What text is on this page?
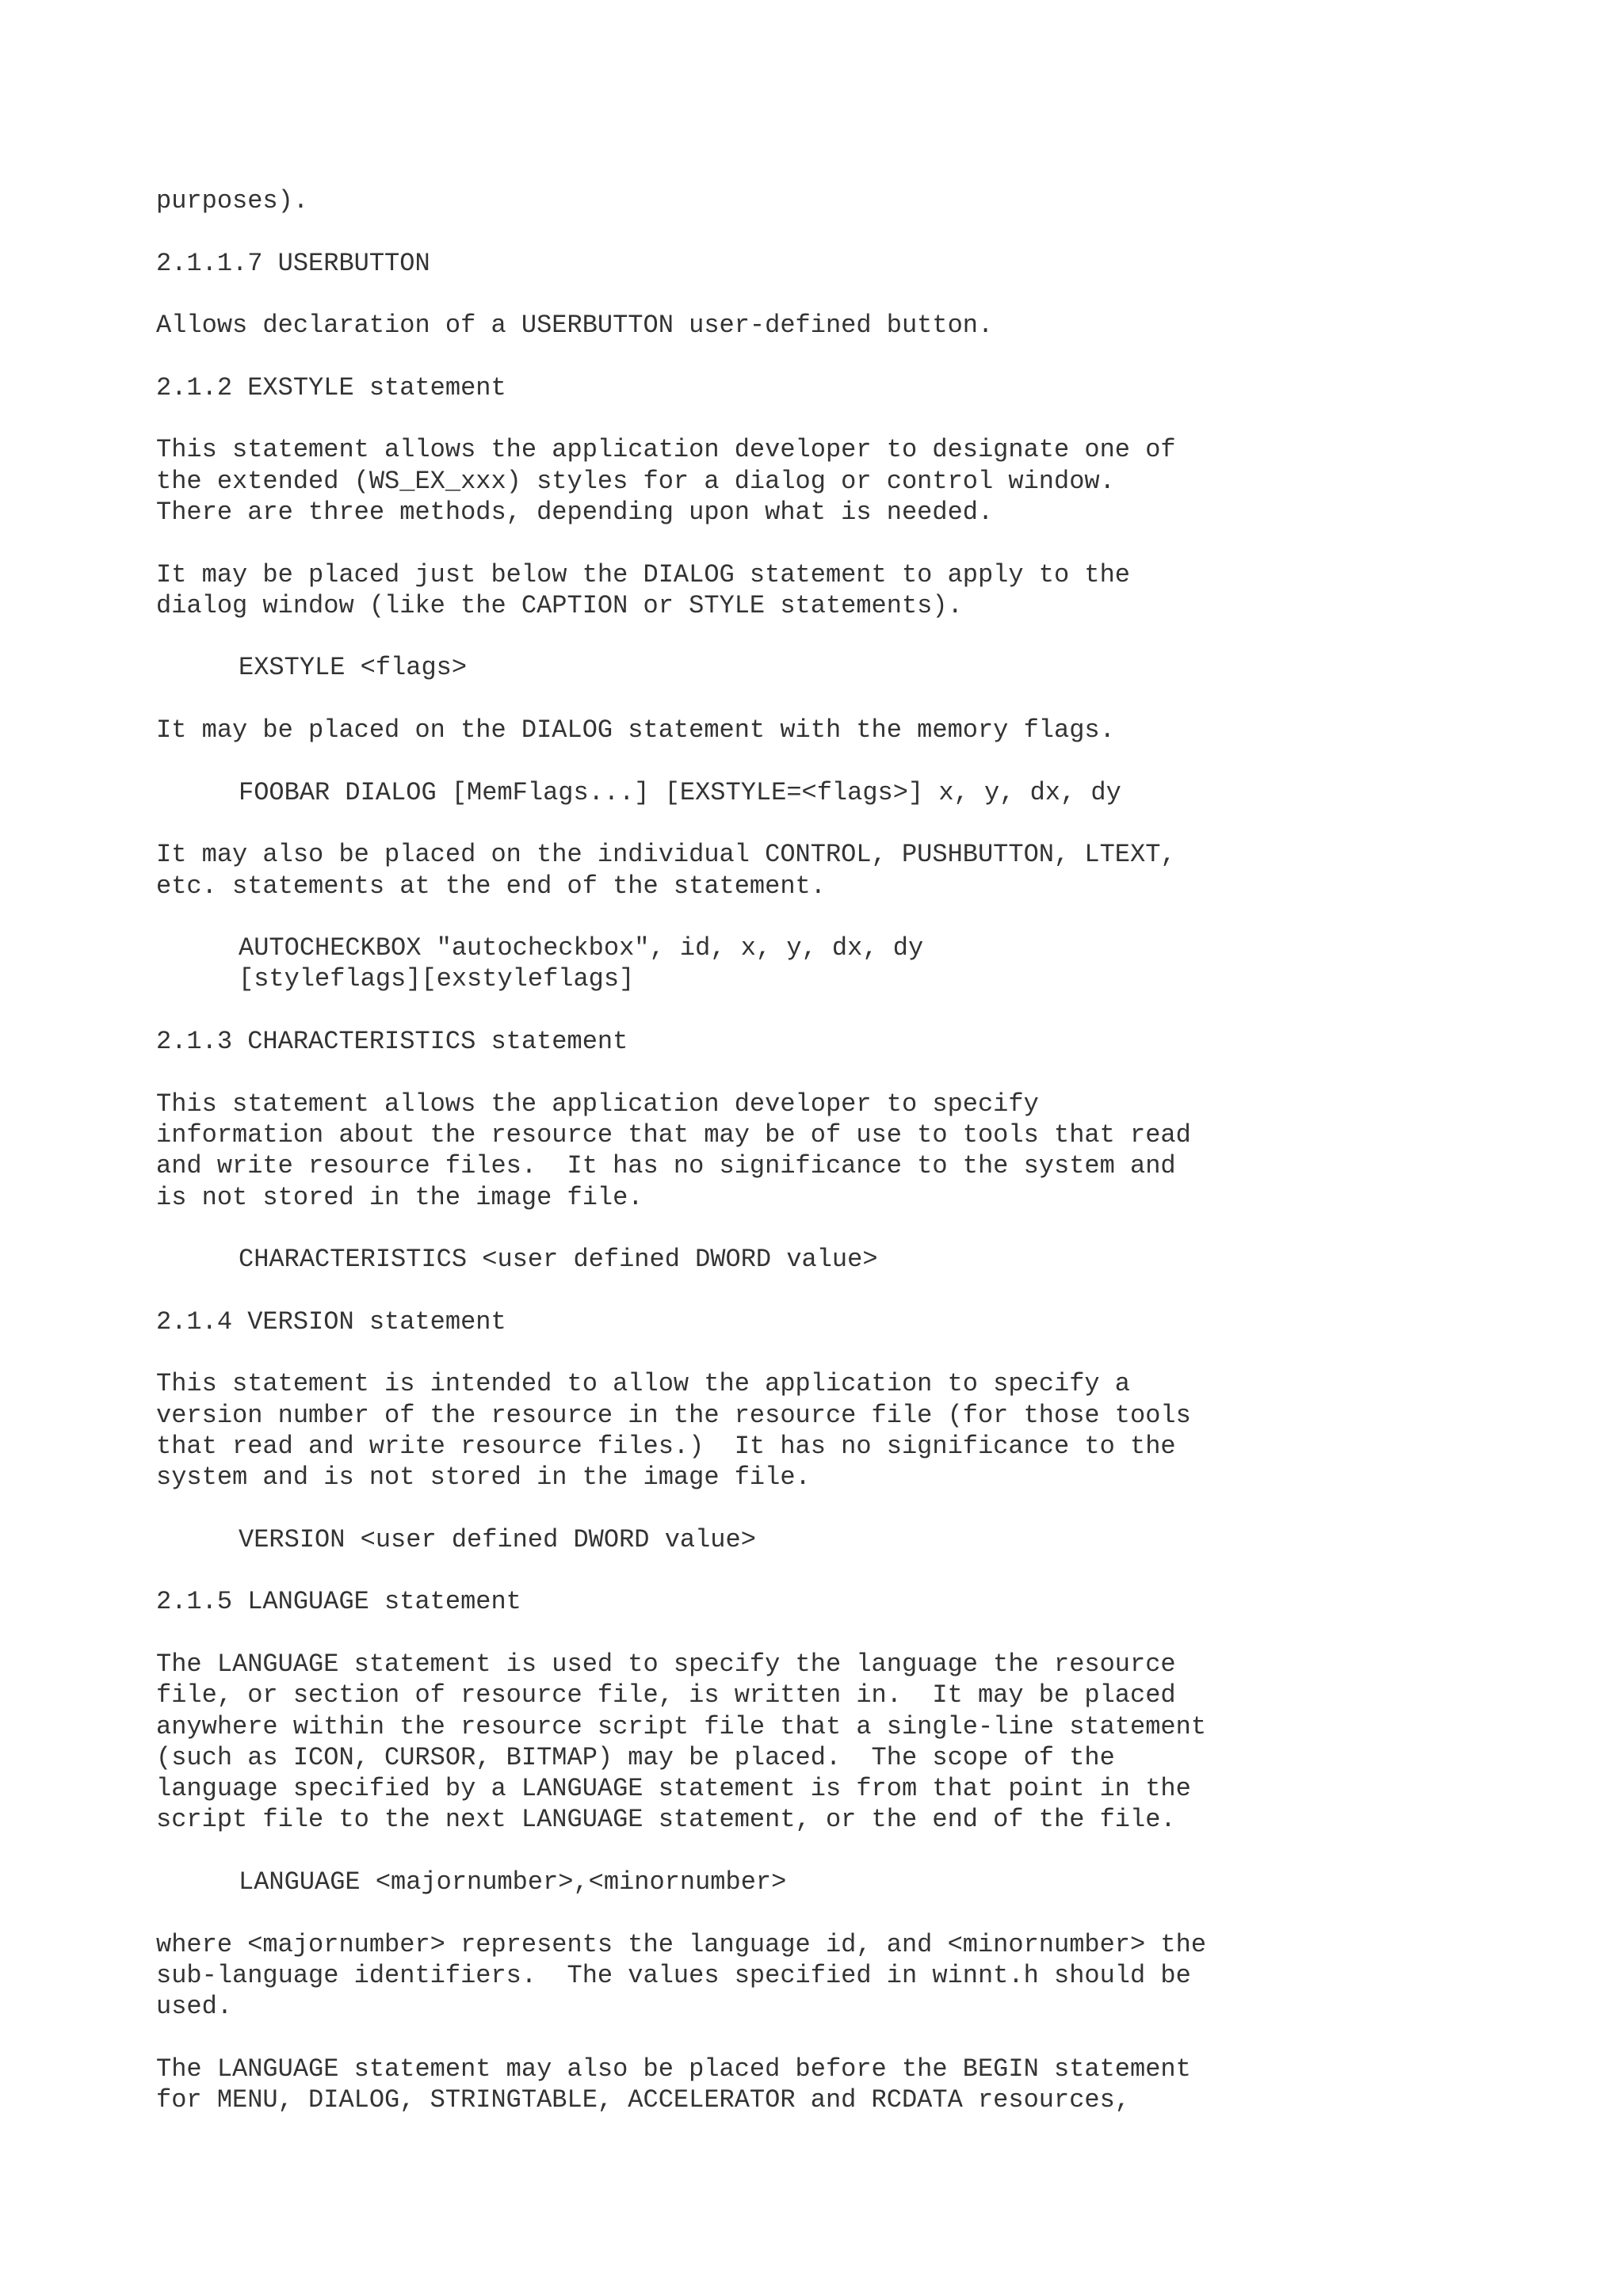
purposes).
2.1.1.7 USERBUTTON
Allows declaration of a USERBUTTON user-defined button.
2.1.2 EXSTYLE statement
This statement allows the application developer to designate one of
the extended (WS_EX_xxx) styles for a dialog or control window.
There are three methods, depending upon what is needed.
It may be placed just below the DIALOG statement to apply to the
dialog window (like the CAPTION or STYLE statements).
EXSTYLE <flags>
It may be placed on the DIALOG statement with the memory flags.
FOOBAR DIALOG [MemFlags...] [EXSTYLE=<flags>] x, y, dx, dy
It may also be placed on the individual CONTROL, PUSHBUTTON, LTEXT,
etc. statements at the end of the statement.
AUTOCHECKBOX "autocheckbox", id, x, y, dx, dy
[styleflags][exstyleflags]
2.1.3 CHARACTERISTICS statement
This statement allows the application developer to specify
information about the resource that may be of use to tools that read
and write resource files.  It has no significance to the system and
is not stored in the image file.
CHARACTERISTICS <user defined DWORD value>
2.1.4 VERSION statement
This statement is intended to allow the application to specify a
version number of the resource in the resource file (for those tools
that read and write resource files.)  It has no significance to the
system and is not stored in the image file.
VERSION <user defined DWORD value>
2.1.5 LANGUAGE statement
The LANGUAGE statement is used to specify the language the resource
file, or section of resource file, is written in.  It may be placed
anywhere within the resource script file that a single-line statement
(such as ICON, CURSOR, BITMAP) may be placed.  The scope of the
language specified by a LANGUAGE statement is from that point in the
script file to the next LANGUAGE statement, or the end of the file.
LANGUAGE <majornumber>,<minornumber>
where <majornumber> represents the language id, and <minornumber> the
sub-language identifiers.  The values specified in winnt.h should be
used.
The LANGUAGE statement may also be placed before the BEGIN statement
for MENU, DIALOG, STRINGTABLE, ACCELERATOR and RCDATA resources,
